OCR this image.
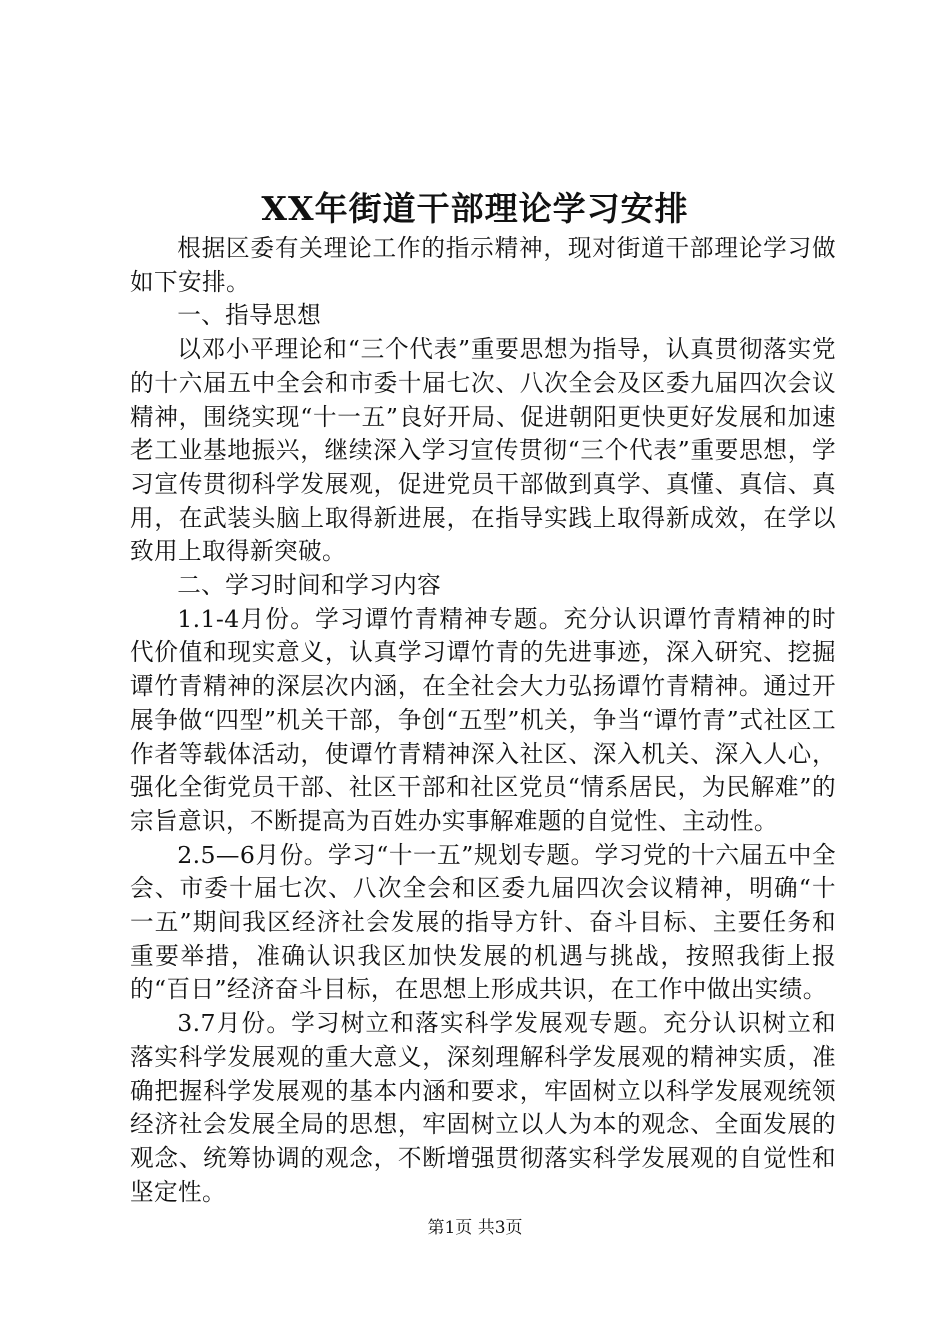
XX年街道干部理论学习安排

根据区委有关理论工作的指示精神，现对街道干部理论学习做如下安排。

一、指导思想

以邓小平理论和“三个代表”重要思想为指导，认真贯彻落实党的十六届五中全会和市委十届七次、八次全会及区委九届四次会议精神，围绕实现“十一五”良好开局、促进朝阳更快更好发展和加速老工业基地振兴，继续深入学习宣传贯彻“三个代表”重要思想，学习宣传贯彻科学发展观，促进党员干部做到真学、真懂、真信、真用，在武装头脑上取得新进展，在指导实践上取得新成效，在学以致用上取得新突破。

二、学习时间和学习内容

1.1-4月份。学习谭竹青精神专题。充分认识谭竹青精神的时代价值和现实意义，认真学习谭竹青的先进事迹，深入研究、挖掘谭竹青精神的深层次内涵，在全社会大力弘扬谭竹青精神。通过开展争做“四型”机关干部，争创“五型”机关，争当“谭竹青”式社区工作者等载体活动，使谭竹青精神深入社区、深入机关、深入人心，强化全街党员干部、社区干部和社区党员“情系居民，为民解难”的宗旨意识，不断提高为百姓办实事解难题的自觉性、主动性。

2.5—6月份。学习“十一五”规划专题。学习党的十六届五中全会、市委十届七次、八次全会和区委九届四次会议精神，明确“十一五”期间我区经济社会发展的指导方针、奋斗目标、主要任务和重要举措，准确认识我区加快发展的机遇与挑战，按照我街上报的“百日”经济奋斗目标，在思想上形成共识，在工作中做出实绩。

3.7月份。学习树立和落实科学发展观专题。充分认识树立和落实科学发展观的重大意义，深刻理解科学发展观的精神实质，准确把握科学发展观的基本内涵和要求，牢固树立以科学发展观统领经济社会发展全局的思想，牢固树立以人为本的观念、全面发展的观念、统筹协调的观念，不断增强贯彻落实科学发展观的自觉性和坚定性。

第1页 共3页
